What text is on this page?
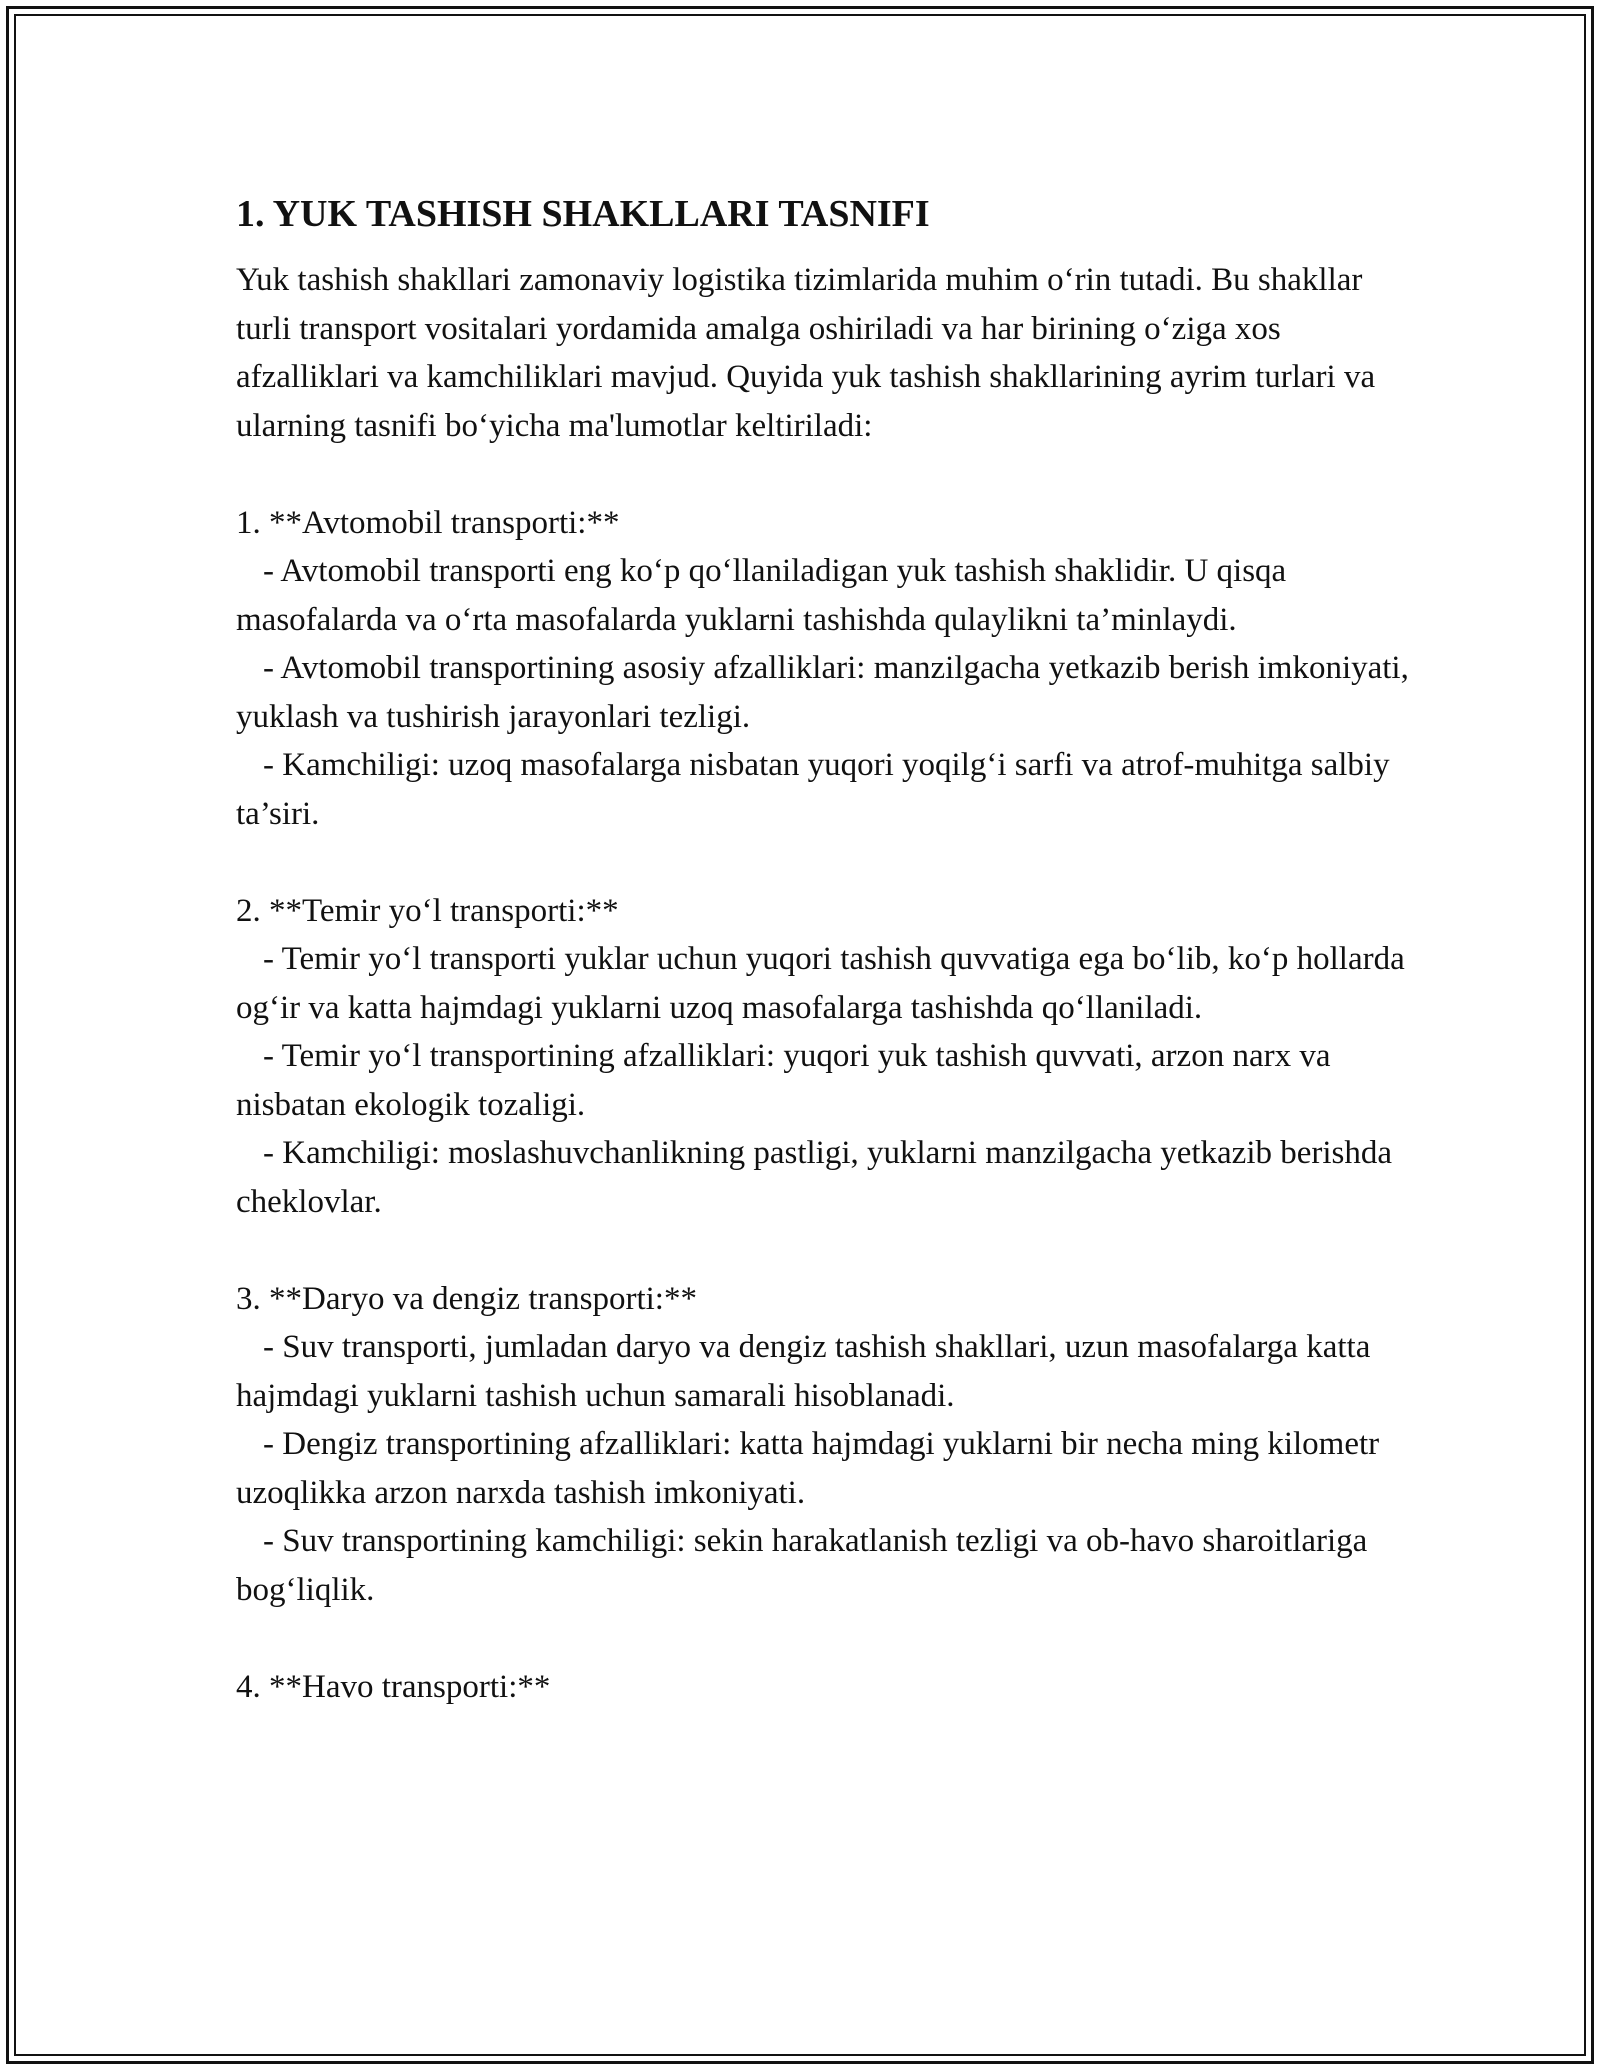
1. YUK TASHISH SHAKLLARI TASNIFI

Yuk tashish shakllari zamonaviy logistika tizimlarida muhim o‘rin tutadi. Bu shakllar turli transport vositalari yordamida amalga oshiriladi va har birining o‘ziga xos afzalliklari va kamchiliklari mavjud. Quyida yuk tashish shakllarining ayrim turlari va ularning tasnifi bo‘yicha ma'lumotlar keltiriladi:

1. **Avtomobil transporti:**

- Avtomobil transporti eng ko‘p qo‘llaniladigan yuk tashish shaklidir. U qisqa masofalarda va o‘rta masofalarda yuklarni tashishda qulaylikni ta’minlaydi.

- Avtomobil transportining asosiy afzalliklari: manzilgacha yetkazib berish imkoniyati, yuklash va tushirish jarayonlari tezligi.

- Kamchiligi: uzoq masofalarga nisbatan yuqori yoqilg‘i sarfi va atrof-muhitga salbiy ta’siri.

2. **Temir yo‘l transporti:**

- Temir yo‘l transporti yuklar uchun yuqori tashish quvvatiga ega bo‘lib, ko‘p hollarda og‘ir va katta hajmdagi yuklarni uzoq masofalarga tashishda qo‘llaniladi.

- Temir yo‘l transportining afzalliklari: yuqori yuk tashish quvvati, arzon narx va nisbatan ekologik tozaligi.

- Kamchiligi: moslashuvchanlikning pastligi, yuklarni manzilgacha yetkazib berishda cheklovlar.

3. **Daryo va dengiz transporti:**

- Suv transporti, jumladan daryo va dengiz tashish shakllari, uzun masofalarga katta hajmdagi yuklarni tashish uchun samarali hisoblanadi.

- Dengiz transportining afzalliklari: katta hajmdagi yuklarni bir necha ming kilometr uzoqlikka arzon narxda tashish imkoniyati.

- Suv transportining kamchiligi: sekin harakatlanish tezligi va ob-havo sharoitlariga bog‘liqlik.

4. **Havo transporti:**
